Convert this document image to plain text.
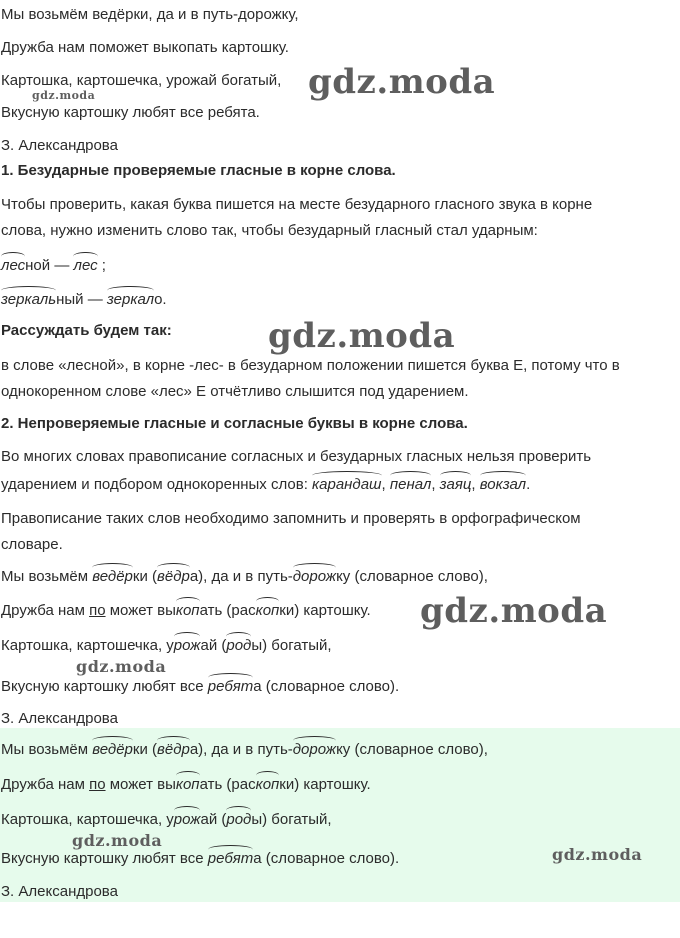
Мы возьмём ведёрки, да и в путь-дорожку,
Дружба нам поможет выкопать картошку.
Картошка, картошечка, урожай богатый,
Вкусную картошку любят все ребята.
З. Александрова
1. Безударные проверяемые гласные в корне слова.
Чтобы проверить, какая буква пишется на месте безударного гласного звука в корне
слова, нужно изменить слово так, чтобы безударный гласный стал ударным:
лесной — лес ;
зеркальный — зеркало.
Рассуждать будем так:
в слове «лесной», в корне -лес- в безударном положении пишется буква Е, потому что в
однокоренном слове «лес» Е отчётливо слышится под ударением.
2. Непроверяемые гласные и согласные буквы в корне слова.
Во многих словах правописание согласных и безударных гласных нельзя проверить
ударением и подбором однокоренных слов: карандаш, пенал, заяц, вокзал.
Правописание таких слов необходимо запомнить и проверять в орфографическом
словаре.
Мы возьмём ведёрки (вёдра), да и в путь-дорожку (словарное слово),
Дружба нам по может выкопать (раскопки) картошку.
Картошка, картошечка, урожай (роды) богатый,
Вкусную картошку любят все ребята (словарное слово).
З. Александрова
Мы возьмём ведёрки (вёдра), да и в путь-дорожку (словарное слово),
Дружба нам по может выкопать (раскопки) картошку.
Картошка, картошечка, урожай (роды) богатый,
Вкусную картошку любят все ребята (словарное слово).
З. Александрова
gdz.moda
gdz.moda
gdz.moda
gdz.moda
gdz.moda
gdz.moda
gdz.moda
